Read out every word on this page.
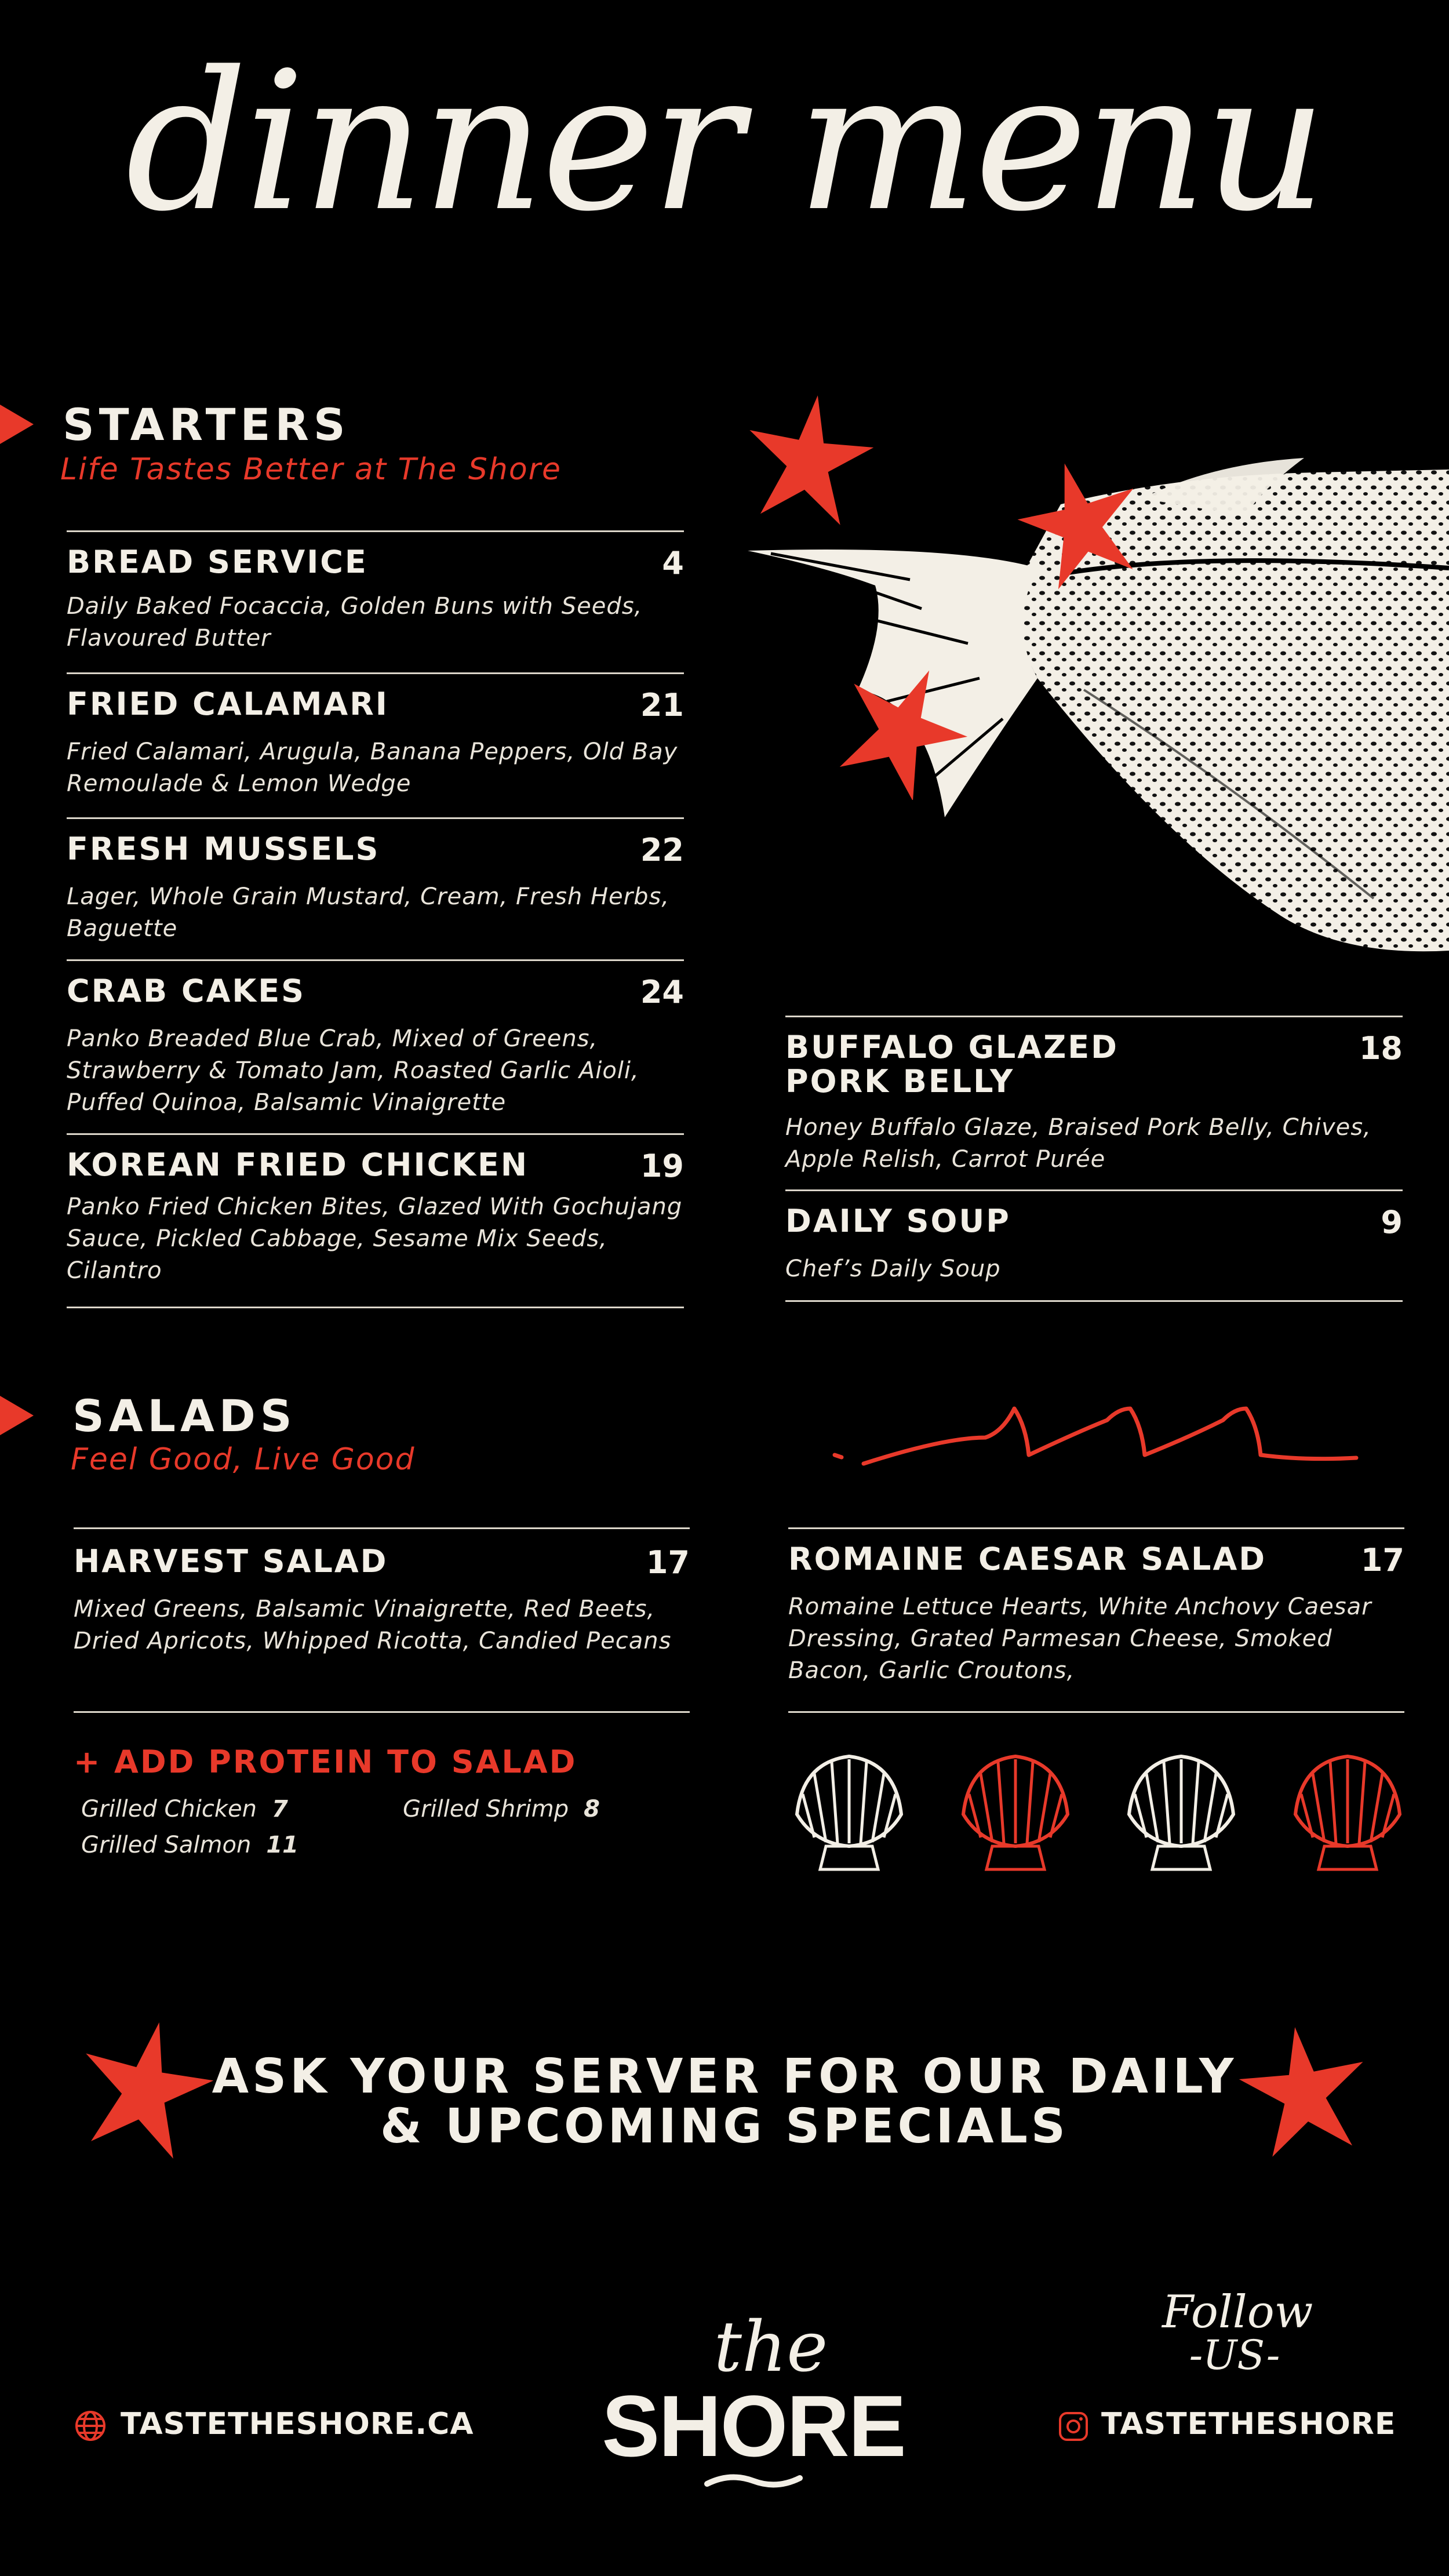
dinner menu
STARTERS
Life Tastes Better at The Shore
BREAD SERVICE	4
Daily Baked Focaccia, Golden Buns with Seeds, Flavoured Butter
FRIED CALAMARI	21
Fried Calamari, Arugula, Banana Peppers, Old Bay Remoulade & Lemon Wedge
FRESH MUSSELS	22
Lager, Whole Grain Mustard, Cream, Fresh Herbs, Baguette
CRAB CAKES	24
Panko Breaded Blue Crab, Mixed of Greens, Strawberry & Tomato Jam, Roasted Garlic Aioli, Puffed Quinoa, Balsamic Vinaigrette
KOREAN FRIED CHICKEN	19
Panko Fried Chicken Bites, Glazed With Gochujang Sauce, Pickled Cabbage, Sesame Mix Seeds, Cilantro
BUFFALO GLAZED PORK BELLY
18
Honey Buffalo Glaze, Braised Pork Belly, Chives, Apple Relish, Carrot Purée
DAILY SOUP	9
Chef’s Daily Soup
SALADS
Feel Good, Live Good
HARVEST SALAD	17
Mixed Greens, Balsamic Vinaigrette, Red Beets, Dried Apricots, Whipped Ricotta, Candied Pecans
ROMAINE CAESAR SALAD	17
Romaine Lettuce Hearts, White Anchovy Caesar Dressing, Grated Parmesan Cheese, Smoked Bacon, Garlic Croutons,
+ ADD PROTEIN TO SALAD
Grilled Chicken 7	Grilled Shrimp 8
Grilled Salmon 11
ASK YOUR SERVER FOR OUR DAILY
& UPCOMING SPECIALS
TASTETHESHORE.CA
the
SHORE
Follow
-US-
TASTETHESHORE
